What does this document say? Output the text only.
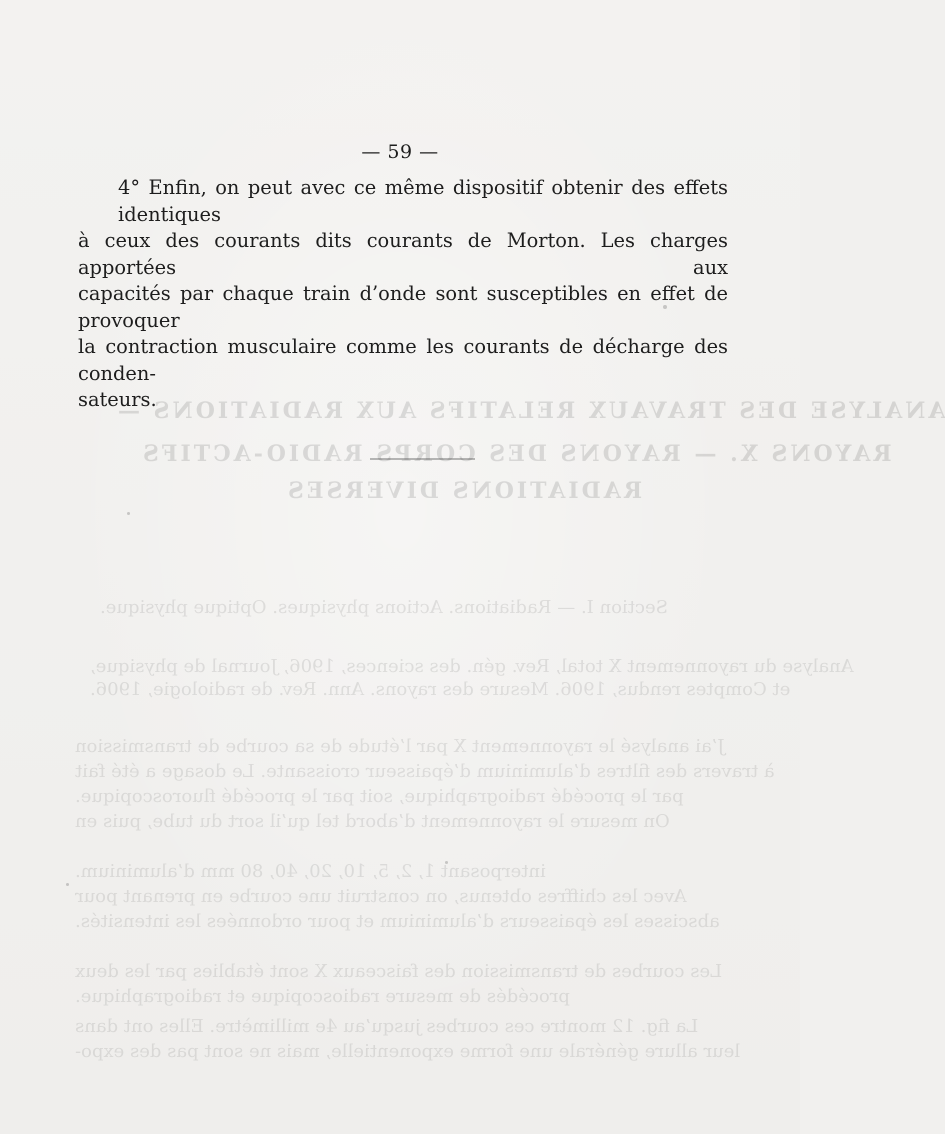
ANALYSE DES TRAVAUX RELATIFS AUX RADIATIONS —
RAYONS X. — RAYONS DES CORPS RADIO-ACTIFS
RADIATIONS DIVERSES
Section I. — Radiations. Actions physiques. Optique physique.
Analyse du rayonnement X total, Rev. gén. des sciences, 1906, Journal de physique,
et Comptes rendus, 1906. Mesure des rayons. Ann. Rev. de radiologie, 1906.
J’ai analysé le rayonnement X par l’étude de sa courbe de transmission
à travers des filtres d’aluminium d’épaisseur croissante. Le dosage a été fait
par le procédé radiographique, soit par le procédé fluoroscopique.
On mesure le rayonnement d’abord tel qu’il sort du tube, puis en
interposant 1, 2, 5, 10, 20, 40, 80 mm d’aluminium.
Avec les chiffres obtenus, on construit une courbe en prenant pour
abscisses les épaisseurs d’aluminium et pour ordonnées les intensités.
Les courbes de transmission des faisceaux X sont établies par les deux
procédés de mesure radioscopique et radiographique.
La fig. 12 montre ces courbes jusqu’au 4e millimètre. Elles ont dans
leur allure générale une forme exponentielle, mais ne sont pas des expo-
— 59 —
4° Enfin, on peut avec ce même dispositif obtenir des effets identiques
à ceux des courants dits courants de Morton. Les charges apportées aux
capacités par chaque train d’onde sont susceptibles en effet de provoquer
la contraction musculaire comme les courants de décharge des conden-
sateurs.
